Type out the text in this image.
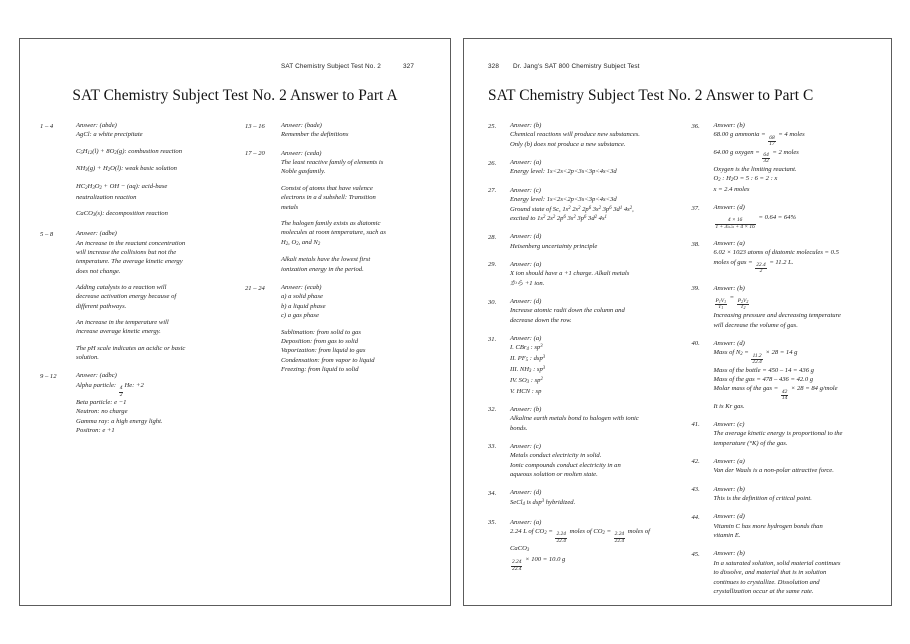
SAT Chemistry Subject Test No. 2	327
SAT Chemistry Subject Test No. 2 Answer to Part A
1 – 4	Answer: (abde)

AgCl: a white precipitate

$C_5H_{12}(l) + 8O_2(g)$: combustion reaction

$NH_3(g) + H_2O(l)$: weak basic solution

$HC_2H_3O_2$ + OH − (aq): acid-base

neutralization reaction

CaCO$_3$(s): decomposition reaction

5 – 8	Answer: (adbe)

An increase in the reactant concentration

will increase the collisions but not the

temperature. The average kinetic energy

does not change.

Adding catalysts to a reaction will

decrease activation energy because of

different pathways.

An increase in the temperature will

increase average kinetic energy.

The pH scale indicates an acidic or basic

solution.

9 – 12	Answer: (adbc)

Alpha particle:
$\frac{4}{2}$
He: +2

Beta particle: e −1

Neutron: no charge

Gamma ray: a high energy light.

Positron: e +1

13 – 16	Answer: (bade)

Remember the definitions

17 – 20	Answer: (ceda)

The least reactive family of elements is

Noble gasfamily.

Consist of atoms that have valence

electrons in a d subshell: Transition

metals

The halogen family exists as diatomic

molecules at room temperature, such as

$H_2$, $O_2$, and $N_2$

Alkali metals have the lowest first

ionization energy in the period.

21 – 24	Answer: (ecab)

a) a solid phase

b) a liquid phase

c) a gas phase

Sublimation: from solid to gas

Deposition: from gas to solid

Vaporization: from liquid to gas

Condensation: from vapor to liquid

Freezing: from liquid to solid

328 Dr. Jang's SAT 800 Chemistry Subject Test
SAT Chemistry Subject Test No. 2 Answer to Part C
25.	Answer: (b)

Chemical reactions will produce new substances.

Only (b) does not produce a new substance.

26.	Answer: (a)

Energy level: 1s<2s<2p<3s<3p<4s<3d

27.	Answer: (c)

Energy level: 1s<2s<2p<3s<3p<4s<3d

Ground state of Sc, $1s^2$ $2s^2$ $2p^6$ $3s^2$ $3p^6$ $3d^1$ $4s^2$,

excited to $1s^2$ $2s^2$ $2p^6$ $3s^2$ $3p^6$ $3d^2$ $4s^1$

28.	Answer: (d)

Heisenberg uncertainty principle

29.	Answer: (a)

X ion should have a +1 charge. Alkali metals

から +1 ion.

30.	Answer: (d)

Increase atomic radii down the column and

decrease down the row.

31.	Answer: (a)

I. CBr$_4$ : $sp^3$

II. $PF_5$ : dsp$^3$

III. $NH_3$ : $sp^3$

IV. $SO_3$ : $sp^2$

V. HCN : sp

32.	Answer: (b)

Alkaline earth metals bond to halogen with ionic

bonds.

33.	Answer: (c)

Metals conduct electricity in solid.

Ionic compounds conduct electricity in an

aqueous solution or molten state.

34.	Answer: (d)

SeCl$_4$ is dsp$^3$ hybridized.

35.	Answer: (a)

2.24 L of $CO_2$ =
$\frac{2.24}{22.4}$
moles of $CO_2$ =
$\frac{2.24}{22.4}$
moles of

CaCO$_3$

$\frac{2.24}{22.4}$
× 100 = 10.0 g

36.	Answer: (b)

68.00 g ammonia =
$\frac{68}{17}$
= 4 moles

64.00 g oxygen =
$\frac{64}{32}$
= 2 moles

Oxygen is the limiting reactant.

$O_2$ : $H_2O = 5$ : 6 = 2 : x

x = 2.4 moles

37.	Answer: (d)

$\frac{4 \times 16}{1 + 35.5 + 4 \times 16}$
= 0.64 = 64%

38.	Answer: (a)

6.02 × 1023 atoms of diatomic molecules = 0.5

moles of gas =
$\frac{22.4}{2}$
= 11.2 L.

39.	Answer: (b)

$\frac{P_1V_1}{T_1}$
=
$\frac{P_2V_2}{T_2}$

Increasing pressure and decreasing temperature

will decrease the volume of gas.

40.	Answer: (d)

Mass of $N_2$ =
$\frac{11.2}{22.4}$
× 28 = 14 g

Mass of the bottle = 450 – 14 = 436 g

Mass of the gas = 478 – 436 = 42.0 g

Molar mass of the gas =
$\frac{42}{14}$
× 28 = 84 g/mole

It is Kr gas.

41.	Answer: (c)

The average kinetic energy is proportional to the

temperature (°K) of the gas.

42.	Answer: (a)

Van der Waals is a non-polar attractive force.

43.	Answer: (b)

This is the definition of critical point.

44.	Answer: (d)

Vitamin C has more hydrogen bonds than

vitamin E.

45.	Answer: (b)

In a saturated solution, solid material continues

to dissolve, and material that is in solution

continues to crystallize. Dissolution and

crystallization occur at the same rate.
